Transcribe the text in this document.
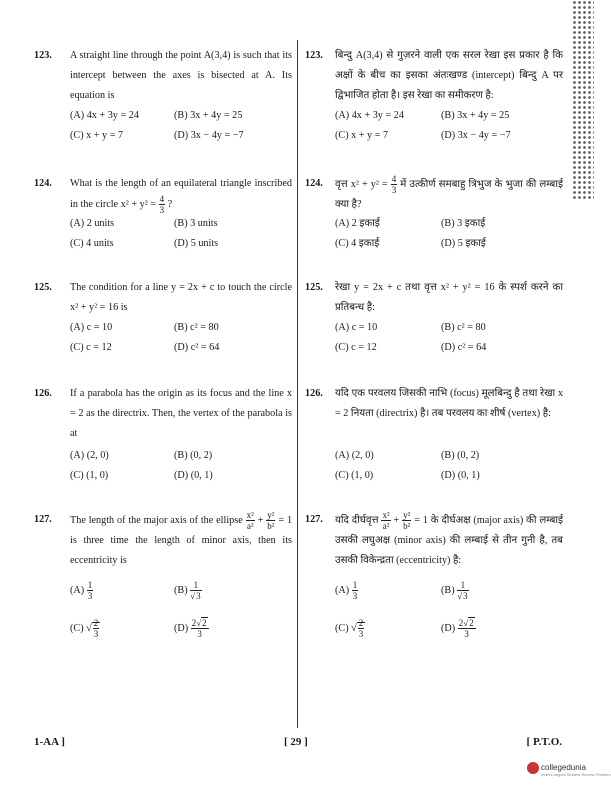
123. A straight line through the point A(3,4) is such that its intercept between the axes is bisected at A. Its equation is
(A) 4x + 3y = 24	(B) 3x + 4y = 25
(C) x + y = 7	(D) 3x − 4y = −7
124. What is the length of an equilateral triangle inscribed in the circle $x^2 + y^2 = \frac{4}{3}$ ?
(A) 2 units	(B) 3 units
(C) 4 units	(D) 5 units
125. The condition for a line y = 2x + c to touch the circle x² + y² = 16 is
(A) c = 10	(B) c² = 80
(C) c = 12	(D) c² = 64
126. If a parabola has the origin as its focus and the line x = 2 as the directrix. Then, the vertex of the parabola is at
(A) (2, 0)	(B) (0, 2)
(C) (1, 0)	(D) (0, 1)
127. The length of the major axis of the ellipse $\frac{\text{x²}}{\text{a²}} + \frac{\text{y²}}{\text{b²}} = 1$ is three time the length of minor axis, then its eccentricity is
$(A) \frac{1}{3}$	$(B) \frac{1}{√3}$
(C) √ $\frac{2}{3}$	$(D) \frac{2√2}{3}$
123. बिन्दु A(3,4) से गुज़रने वाली एक सरल रेखा इस प्रकार है कि अक्षों के बीच का इसका अंतःखण्ड (intercept) बिन्दु A पर द्विभाजित होता है। इस रेखा का समीकरण है:
(A) 4x + 3y = 24	(B) 3x + 4y = 25
(C) x + y = 7	(D) 3x − 4y = −7
124. वृत्त $x^2 + y^2 = \frac{4}{3}$ में उत्कीर्ण समबाहु त्रिभुज के भुजा की लम्बाई क्या है?
(A) 2 इकाई	(B) 3 इकाई
(C) 4 इकाई	(D) 5 इकाई
125. रेखा y = 2x + c तथा वृत्त x² + y² = 16 के स्पर्श करने का प्रतिबन्ध है:
(A) c = 10	(B) c² = 80
(C) c = 12	(D) c² = 64
126. यदि एक परवलय जिसकी नाभि (focus) मूलबिन्दु है तथा रेखा x = 2 नियता (directrix) है। तब परवलय का शीर्ष (vertex) है:
(A) (2, 0)	(B) (0, 2)
(C) (1, 0)	(D) (0, 1)
127. यदि दीर्घवृत्त $\frac{\text{x²}}{\text{a²}} + \frac{\text{y²}}{\text{b²}} = 1$ के दीर्घअक्ष (major axis) की लम्बाई उसकी लघुअक्ष (minor axis) की लम्बाई से तीन गुनी है, तब उसकी विकेन्द्रता (eccentricity) है:
$(A) \frac{1}{3}$	$(B) \frac{1}{√3}$
(C) √ $\frac{2}{3}$	$(D) \frac{2√2}{3}$
1-AA ]	[ 29 ]	[ P.T.O.
collegedunia
India's largest Student Review Platform
